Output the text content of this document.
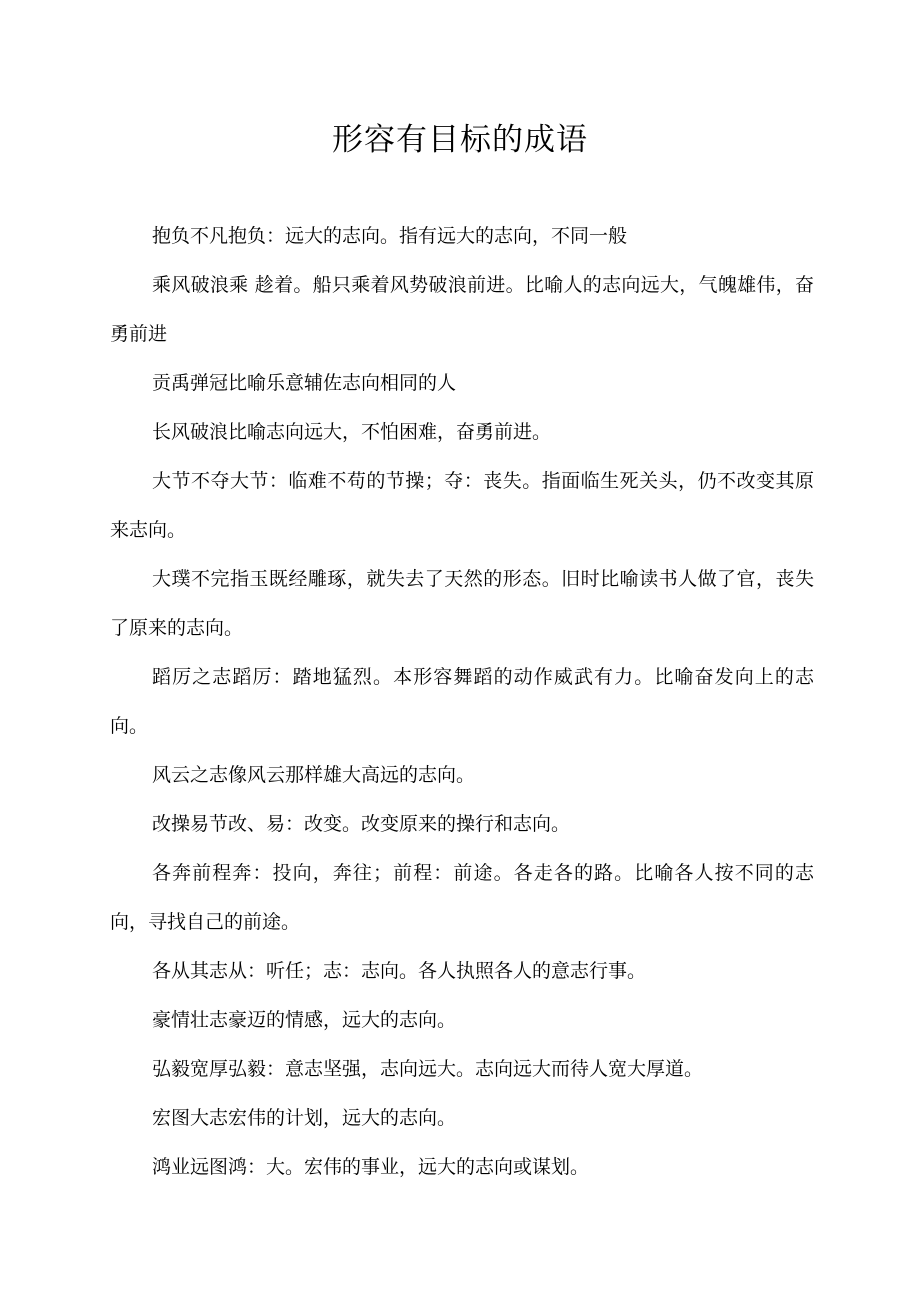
形容有目标的成语

抱负不凡抱负：远大的志向。指有远大的志向，不同一般

乘风破浪乘 趁着。船只乘着风势破浪前进。比喻人的志向远大，气魄雄伟，奋勇前进

贡禹弹冠比喻乐意辅佐志向相同的人

长风破浪比喻志向远大，不怕困难，奋勇前进。

大节不夺大节：临难不苟的节操；夺：丧失。指面临生死关头，仍不改变其原来志向。

大璞不完指玉既经雕琢，就失去了天然的形态。旧时比喻读书人做了官，丧失了原来的志向。

蹈厉之志蹈厉：踏地猛烈。本形容舞蹈的动作威武有力。比喻奋发向上的志向。

风云之志像风云那样雄大高远的志向。

改操易节改、易：改变。改变原来的操行和志向。

各奔前程奔：投向，奔往；前程：前途。各走各的路。比喻各人按不同的志向，寻找自己的前途。

各从其志从：听任；志：志向。各人执照各人的意志行事。

豪情壮志豪迈的情感，远大的志向。

弘毅宽厚弘毅：意志坚强，志向远大。志向远大而待人宽大厚道。

宏图大志宏伟的计划，远大的志向。

鸿业远图鸿：大。宏伟的事业，远大的志向或谋划。
